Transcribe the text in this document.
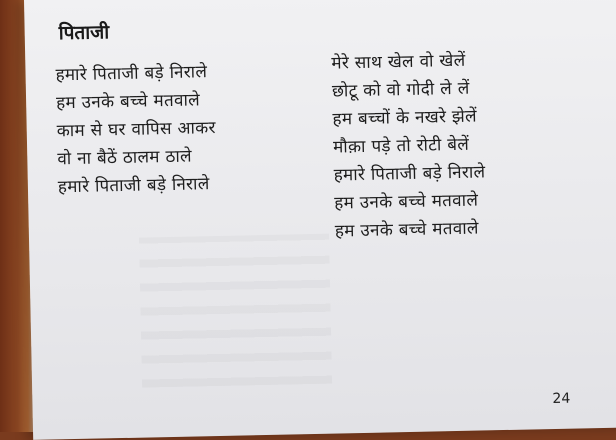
पिताजी
हमारे पिताजी बड़े निराले
हम उनके बच्चे मतवाले
काम से घर वापिस आकर
वो ना बैठें ठालम ठाले
हमारे पिताजी बड़े निराले
मेरे साथ खेल वो खेलें
छोटू को वो गोदी ले लें
हम बच्चों के नखरे झेलें
मौक़ा पड़े तो रोटी बेलें
हमारे पिताजी बड़े निराले
हम उनके बच्चे मतवाले
हम उनके बच्चे मतवाले
24
